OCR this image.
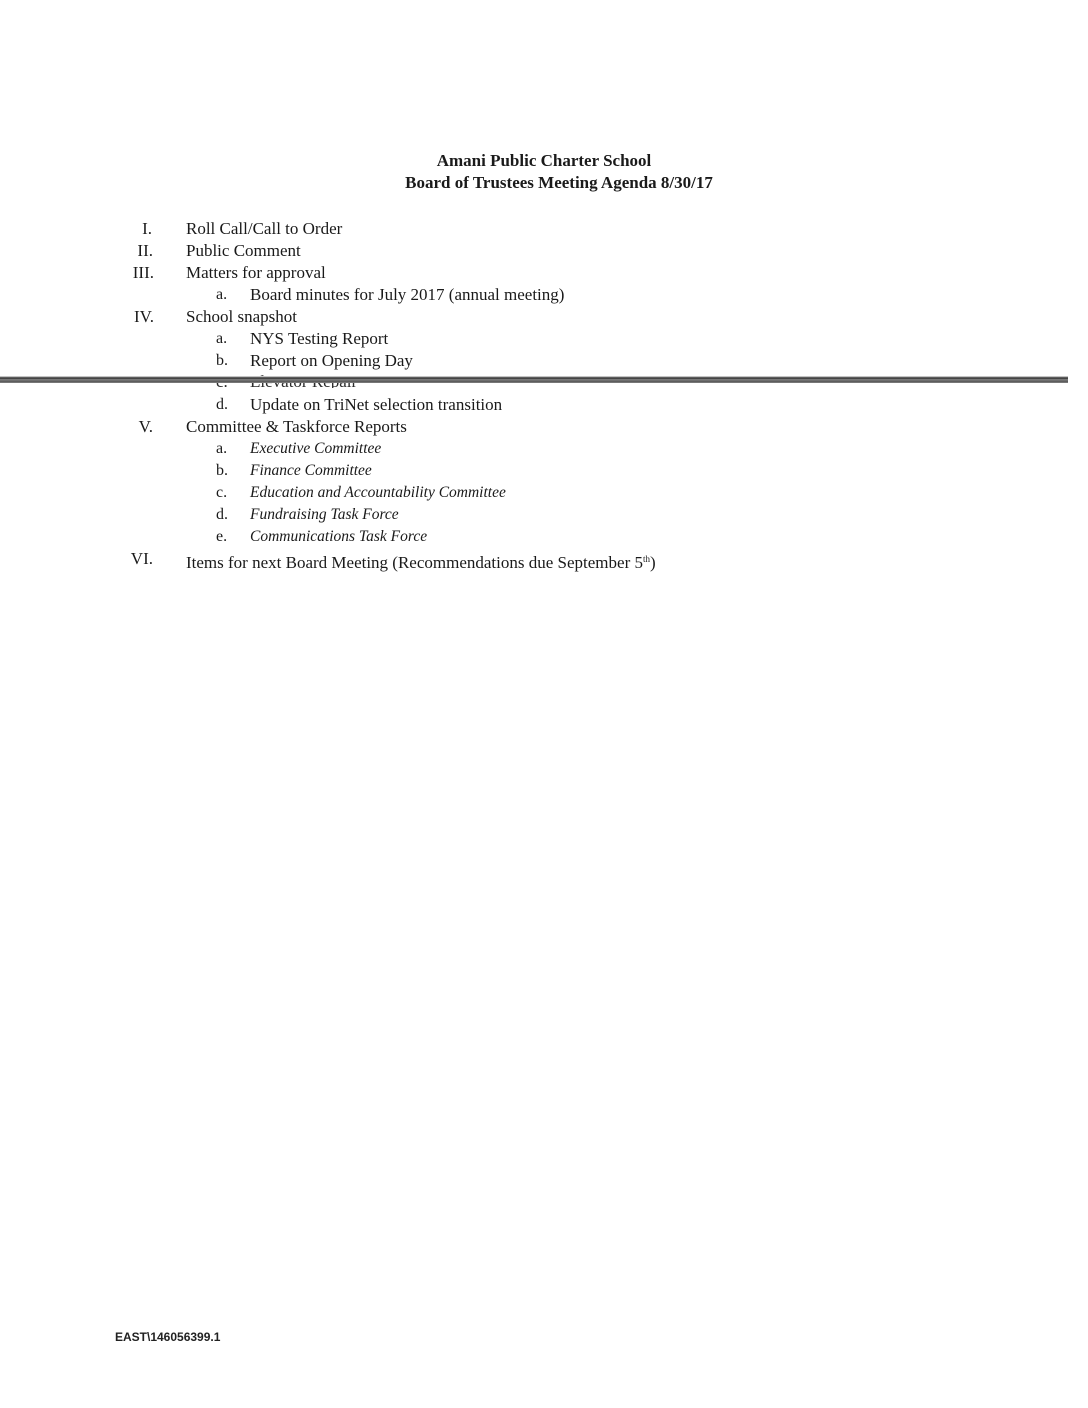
Amani Public Charter School
Board of Trustees Meeting Agenda 8/30/17
I. Roll Call/Call to Order
II. Public Comment
III. Matters for approval
a.	Board minutes for July 2017 (annual meeting)
IV. School snapshot
a.	NYS Testing Report
b.	Report on Opening Day
d.	Update on TriNet selection transition
V. Committee & Taskforce Reports
a.	Executive Committee
b.	Finance Committee
c.	Education and Accountability Committee
d.	Fundraising Task Force
e.	Communications Task Force
VI. Items for next Board Meeting (Recommendations due September 5th)
EAST\146056399.1
